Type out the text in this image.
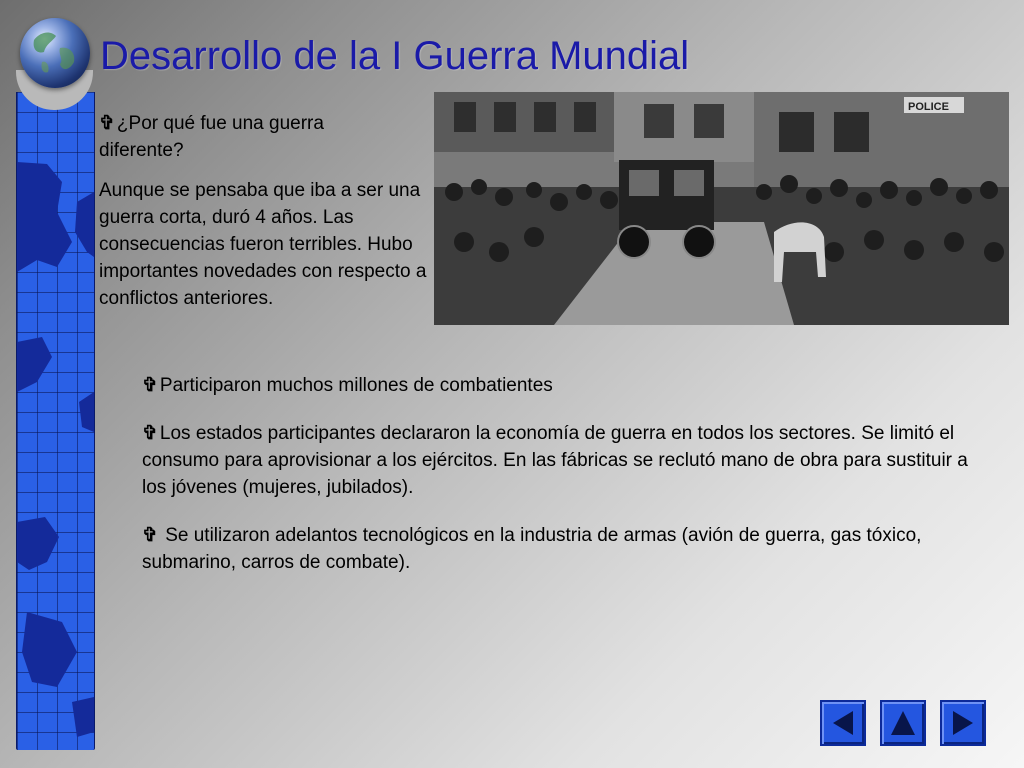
Desarrollo de la I Guerra Mundial

✞ ¿Por qué fue una guerra diferente?

Aunque se pensaba que iba a ser una guerra corta, duró 4 años. Las consecuencias fueron terribles. Hubo importantes novedades con respecto a conflictos anteriores.

POLICE

✞ Participaron muchos millones de combatientes

✞ Los estados participantes declararon la economía de guerra en todos los sectores. Se limitó el consumo para aprovisionar a los ejércitos. En las fábricas se reclutó mano de obra para sustituir a los jóvenes (mujeres, jubilados).

✞ Se utilizaron adelantos tecnológicos en la industria de armas (avión de guerra, gas tóxico, submarino, carros de combate).
